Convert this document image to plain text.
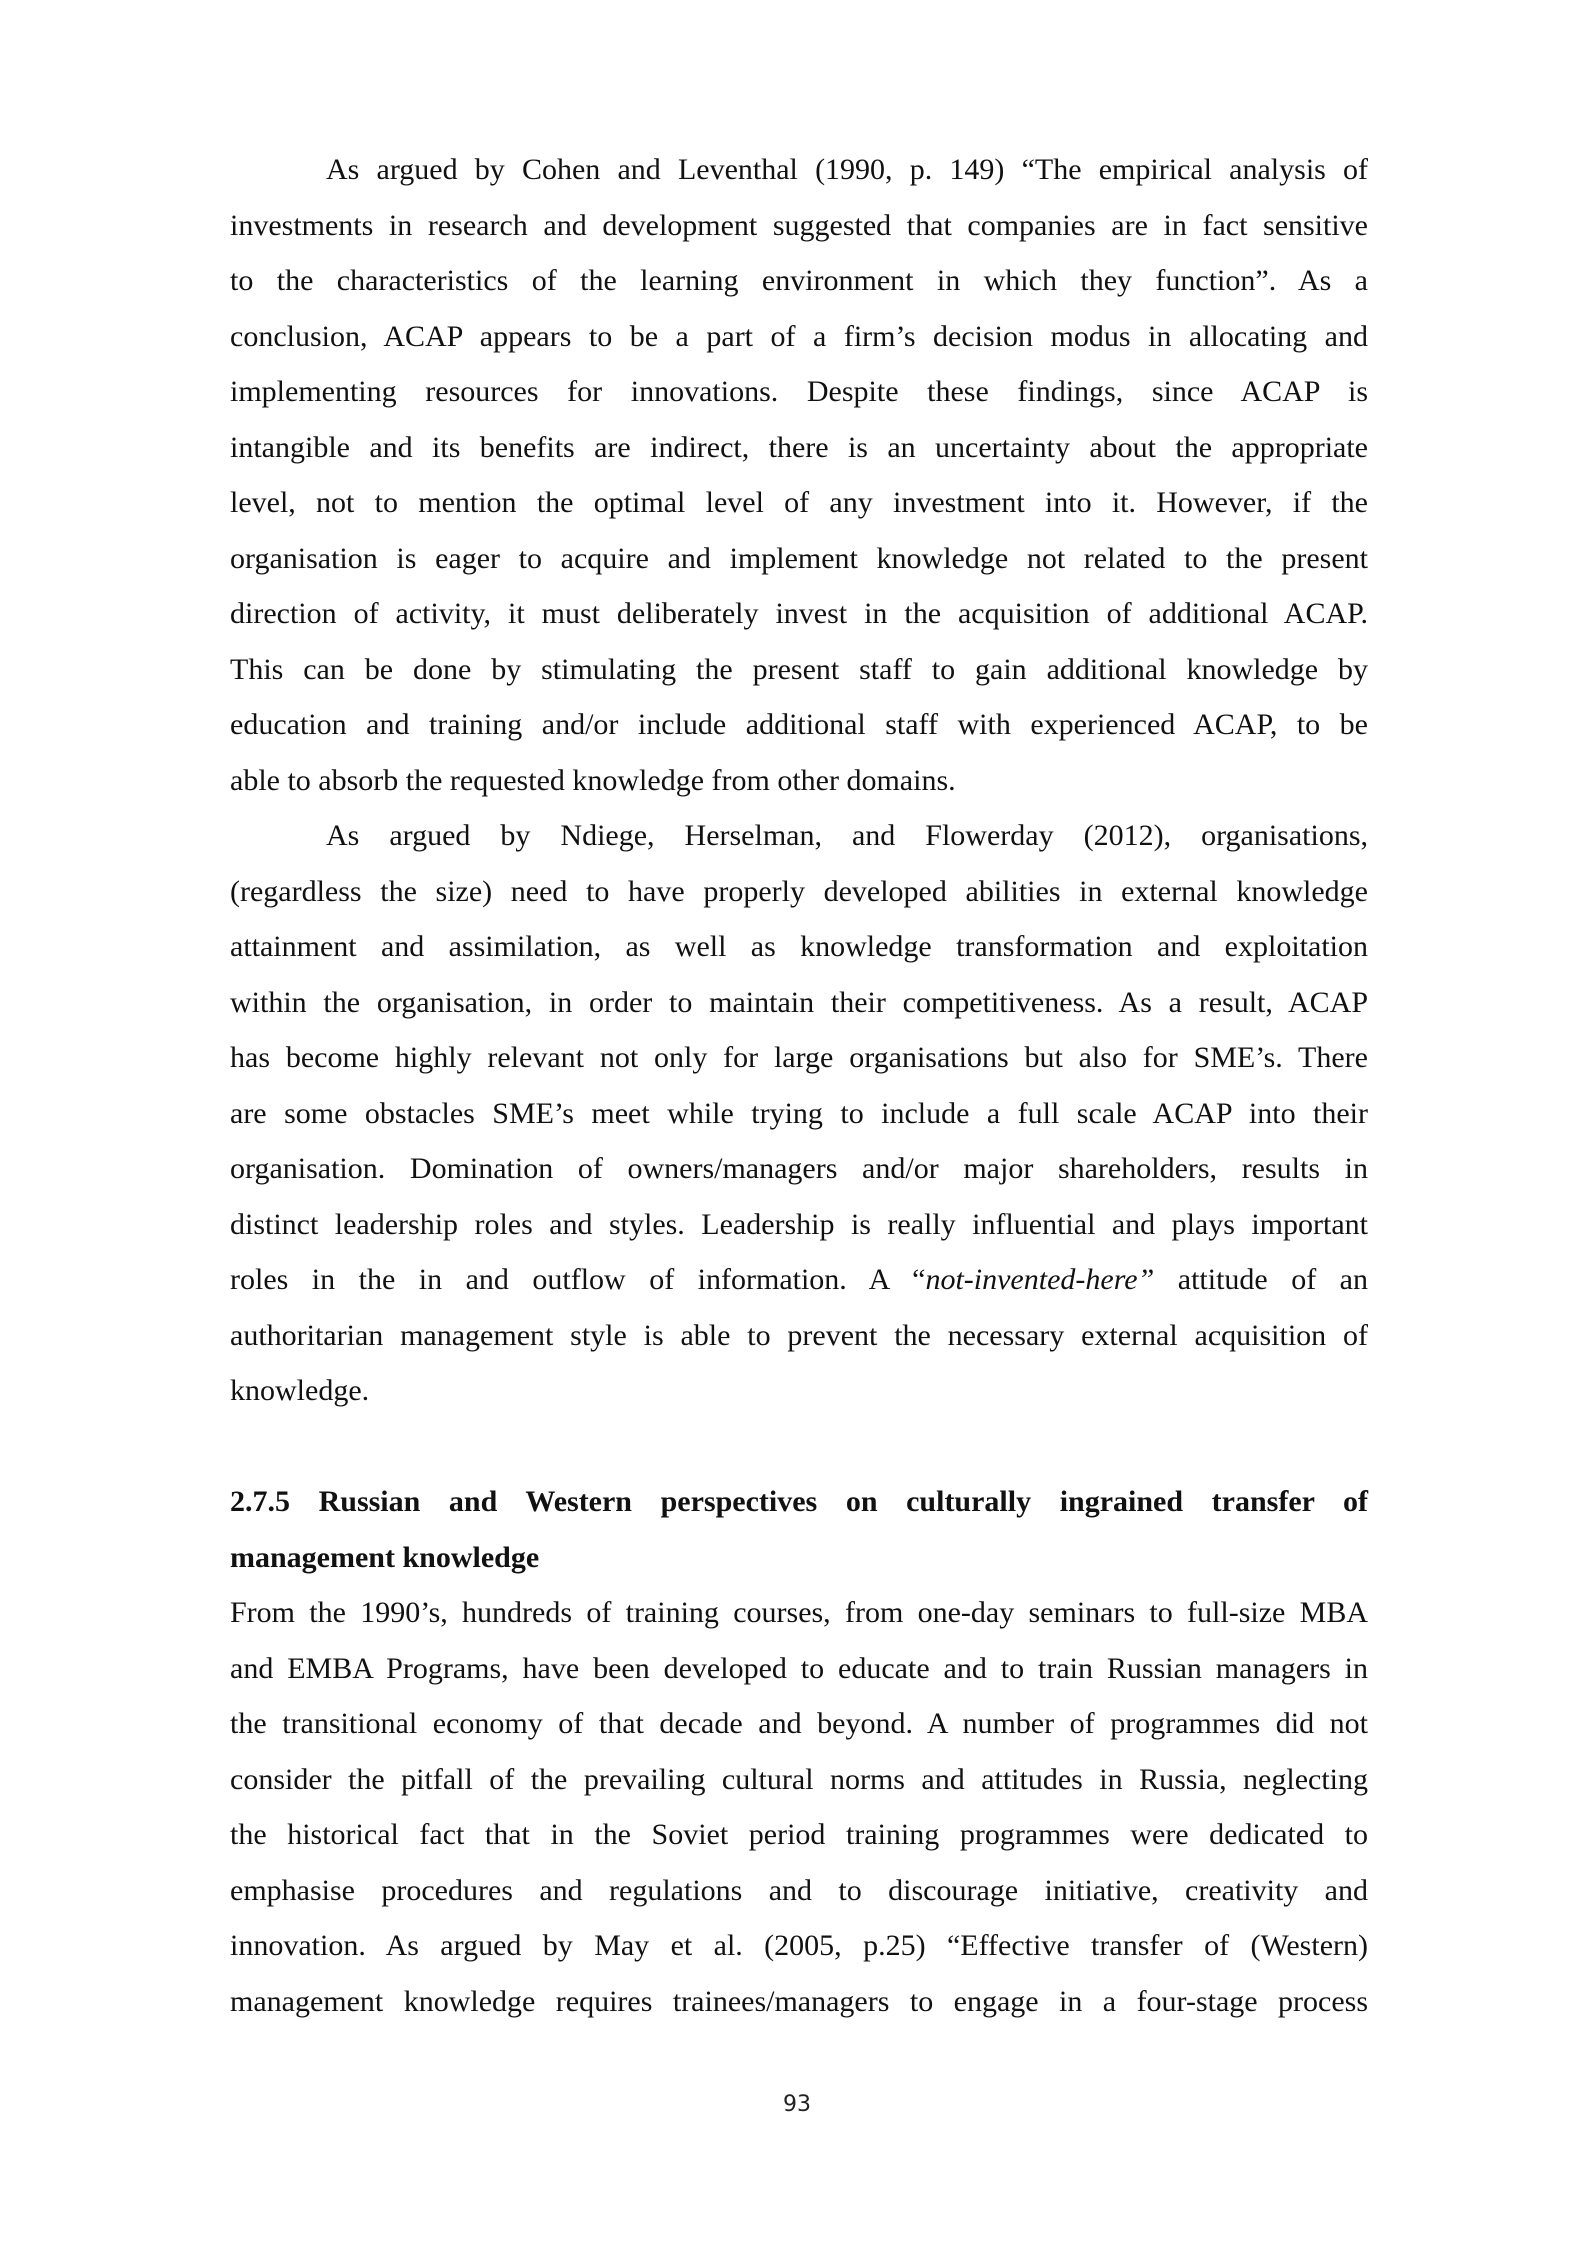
As argued by Cohen and Leventhal (1990, p. 149) “The empirical analysis of
investments in research and development suggested that companies are in fact sensitive
to the characteristics of the learning environment in which they function”. As a
conclusion, ACAP appears to be a part of a firm’s decision modus in allocating and
implementing resources for innovations. Despite these findings, since ACAP is
intangible and its benefits are indirect, there is an uncertainty about the appropriate
level, not to mention the optimal level of any investment into it. However, if the
organisation is eager to acquire and implement knowledge not related to the present
direction of activity, it must deliberately invest in the acquisition of additional ACAP.
This can be done by stimulating the present staff to gain additional knowledge by
education and training and/or include additional staff with experienced ACAP, to be
able to absorb the requested knowledge from other domains.
As argued by Ndiege, Herselman, and Flowerday (2012), organisations,
(regardless the size) need to have properly developed abilities in external knowledge
attainment and assimilation, as well as knowledge transformation and exploitation
within the organisation, in order to maintain their competitiveness. As a result, ACAP
has become highly relevant not only for large organisations but also for SME’s. There
are some obstacles SME’s meet while trying to include a full scale ACAP into their
organisation. Domination of owners/managers and/or major shareholders, results in
distinct leadership roles and styles. Leadership is really influential and plays important
roles in the in and outflow of information. A “not-invented-here” attitude of an
authoritarian management style is able to prevent the necessary external acquisition of
knowledge.
2.7.5 Russian and Western perspectives on culturally ingrained transfer of
management knowledge
From the 1990’s, hundreds of training courses, from one-day seminars to full-size MBA
and EMBA Programs, have been developed to educate and to train Russian managers in
the transitional economy of that decade and beyond. A number of programmes did not
consider the pitfall of the prevailing cultural norms and attitudes in Russia, neglecting
the historical fact that in the Soviet period training programmes were dedicated to
emphasise procedures and regulations and to discourage initiative, creativity and
innovation. As argued by May et al. (2005, p.25) “Effective transfer of (Western)
management knowledge requires trainees/managers to engage in a four-stage process
93
